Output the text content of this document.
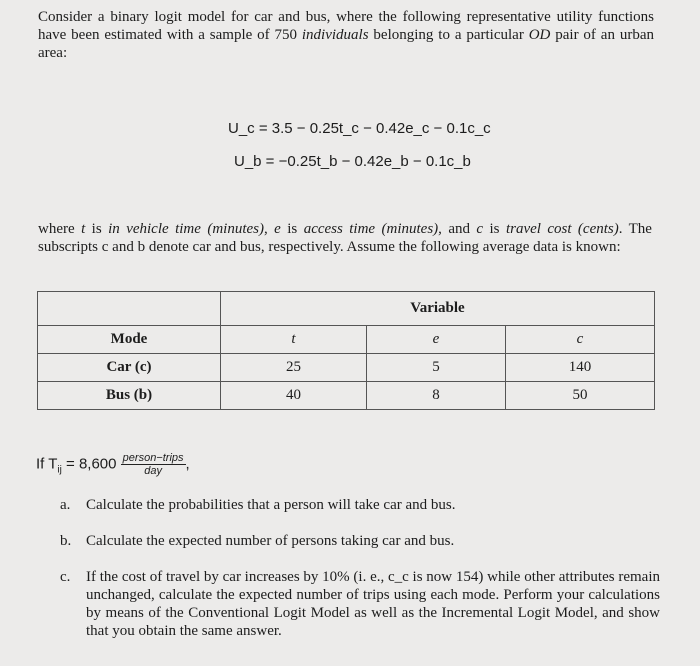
Consider a binary logit model for car and bus, where the following representative utility functions have been estimated with a sample of 750 individuals belonging to a particular OD pair of an urban area:

U_c = 3.5 − 0.25t_c − 0.42e_c − 0.1c_c
U_b = −0.25t_b − 0.42e_b − 0.1c_b

where t is in vehicle time (minutes), e is access time (minutes), and c is travel cost (cents). The subscripts c and b denote car and bus, respectively. Assume the following average data is known:

	Variable		
Mode	t	e	c
Car (c)	25	5	140
Bus (b)	40	8	50
If $T_{ij} = 8,600 \frac{\text{person−trips}}{\text{day}}$ ,
a. Calculate the probabilities that a person will take car and bus.
b. Calculate the expected number of persons taking car and bus.
c. If the cost of travel by car increases by 10% (i. e., c_c is now 154) while other attributes remain unchanged, calculate the expected number of trips using each mode. Perform your calculations by means of the Conventional Logit Model as well as the Incremental Logit Model, and show that you obtain the same answer.
